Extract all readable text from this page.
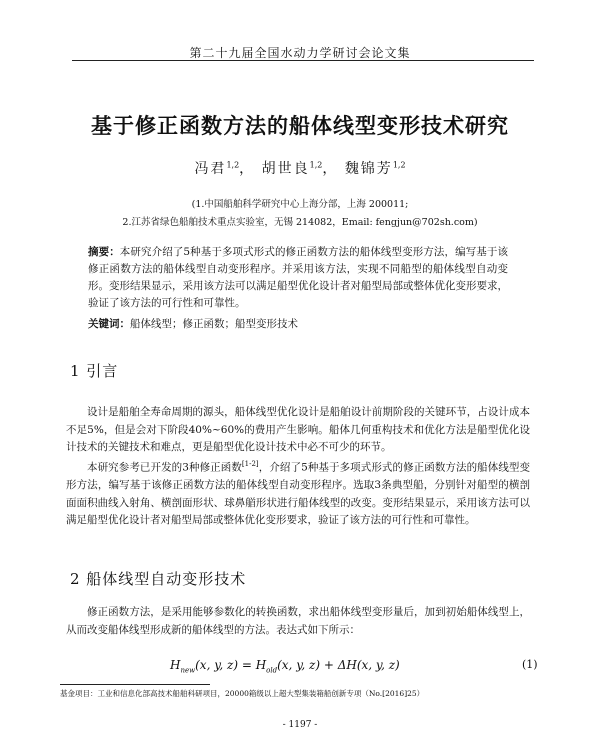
第二十九届全国水动力学研讨会论文集
基于修正函数方法的船体线型变形技术研究
冯君$^{1,2}$， 胡世良$^{1,2}$， 魏锦芳$^{1,2}$
(1.中国船舶科学研究中心上海分部，上海 200011;
2.江苏省绿色船舶技术重点实验室，无锡 214082，Email: fengjun@702sh.com)
摘要：本研究介绍了5种基于多项式形式的修正函数方法的船体线型变形方法，编写基于该修正函数方法的船体线型自动变形程序。并采用该方法，实现不同船型的船体线型自动变形。变形结果显示，采用该方法可以满足船型优化设计者对船型局部或整体优化变形要求，验证了该方法的可行性和可靠性。
关键词：船体线型；修正函数；船型变形技术
1 引言
设计是船舶全寿命周期的源头，船体线型优化设计是船舶设计前期阶段的关键环节，占设计成本不足5%，但是会对下阶段40%~60%的费用产生影响。船体几何重构技术和优化方法是船型优化设计技术的关键技术和难点，更是船型优化设计技术中必不可少的环节。
本研究参考已开发的3种修正函数[1-2]，介绍了5种基于多项式形式的修正函数方法的船体线型变形方法，编写基于该修正函数方法的船体线型自动变形程序。选取3条典型船，分别针对船型的横剖面面积曲线入射角、横剖面形状、球鼻艏形状进行船体线型的改变。变形结果显示，采用该方法可以满足船型优化设计者对船型局部或整体优化变形要求，验证了该方法的可行性和可靠性。
2 船体线型自动变形技术
修正函数方法，是采用能够参数化的转换函数，求出船体线型变形量后，加到初始船体线型上，从而改变船体线型形成新的船体线型的方法。表达式如下所示：
$H_{new}(x$, y, $z) = H_{old}(x$, y, z) + ΔH(x, y, z)	(1)
基金项目：工业和信息化部高技术船舶科研项目，20000箱级以上超大型集装箱船创新专项（No.[2016]25）
- 1197 -
